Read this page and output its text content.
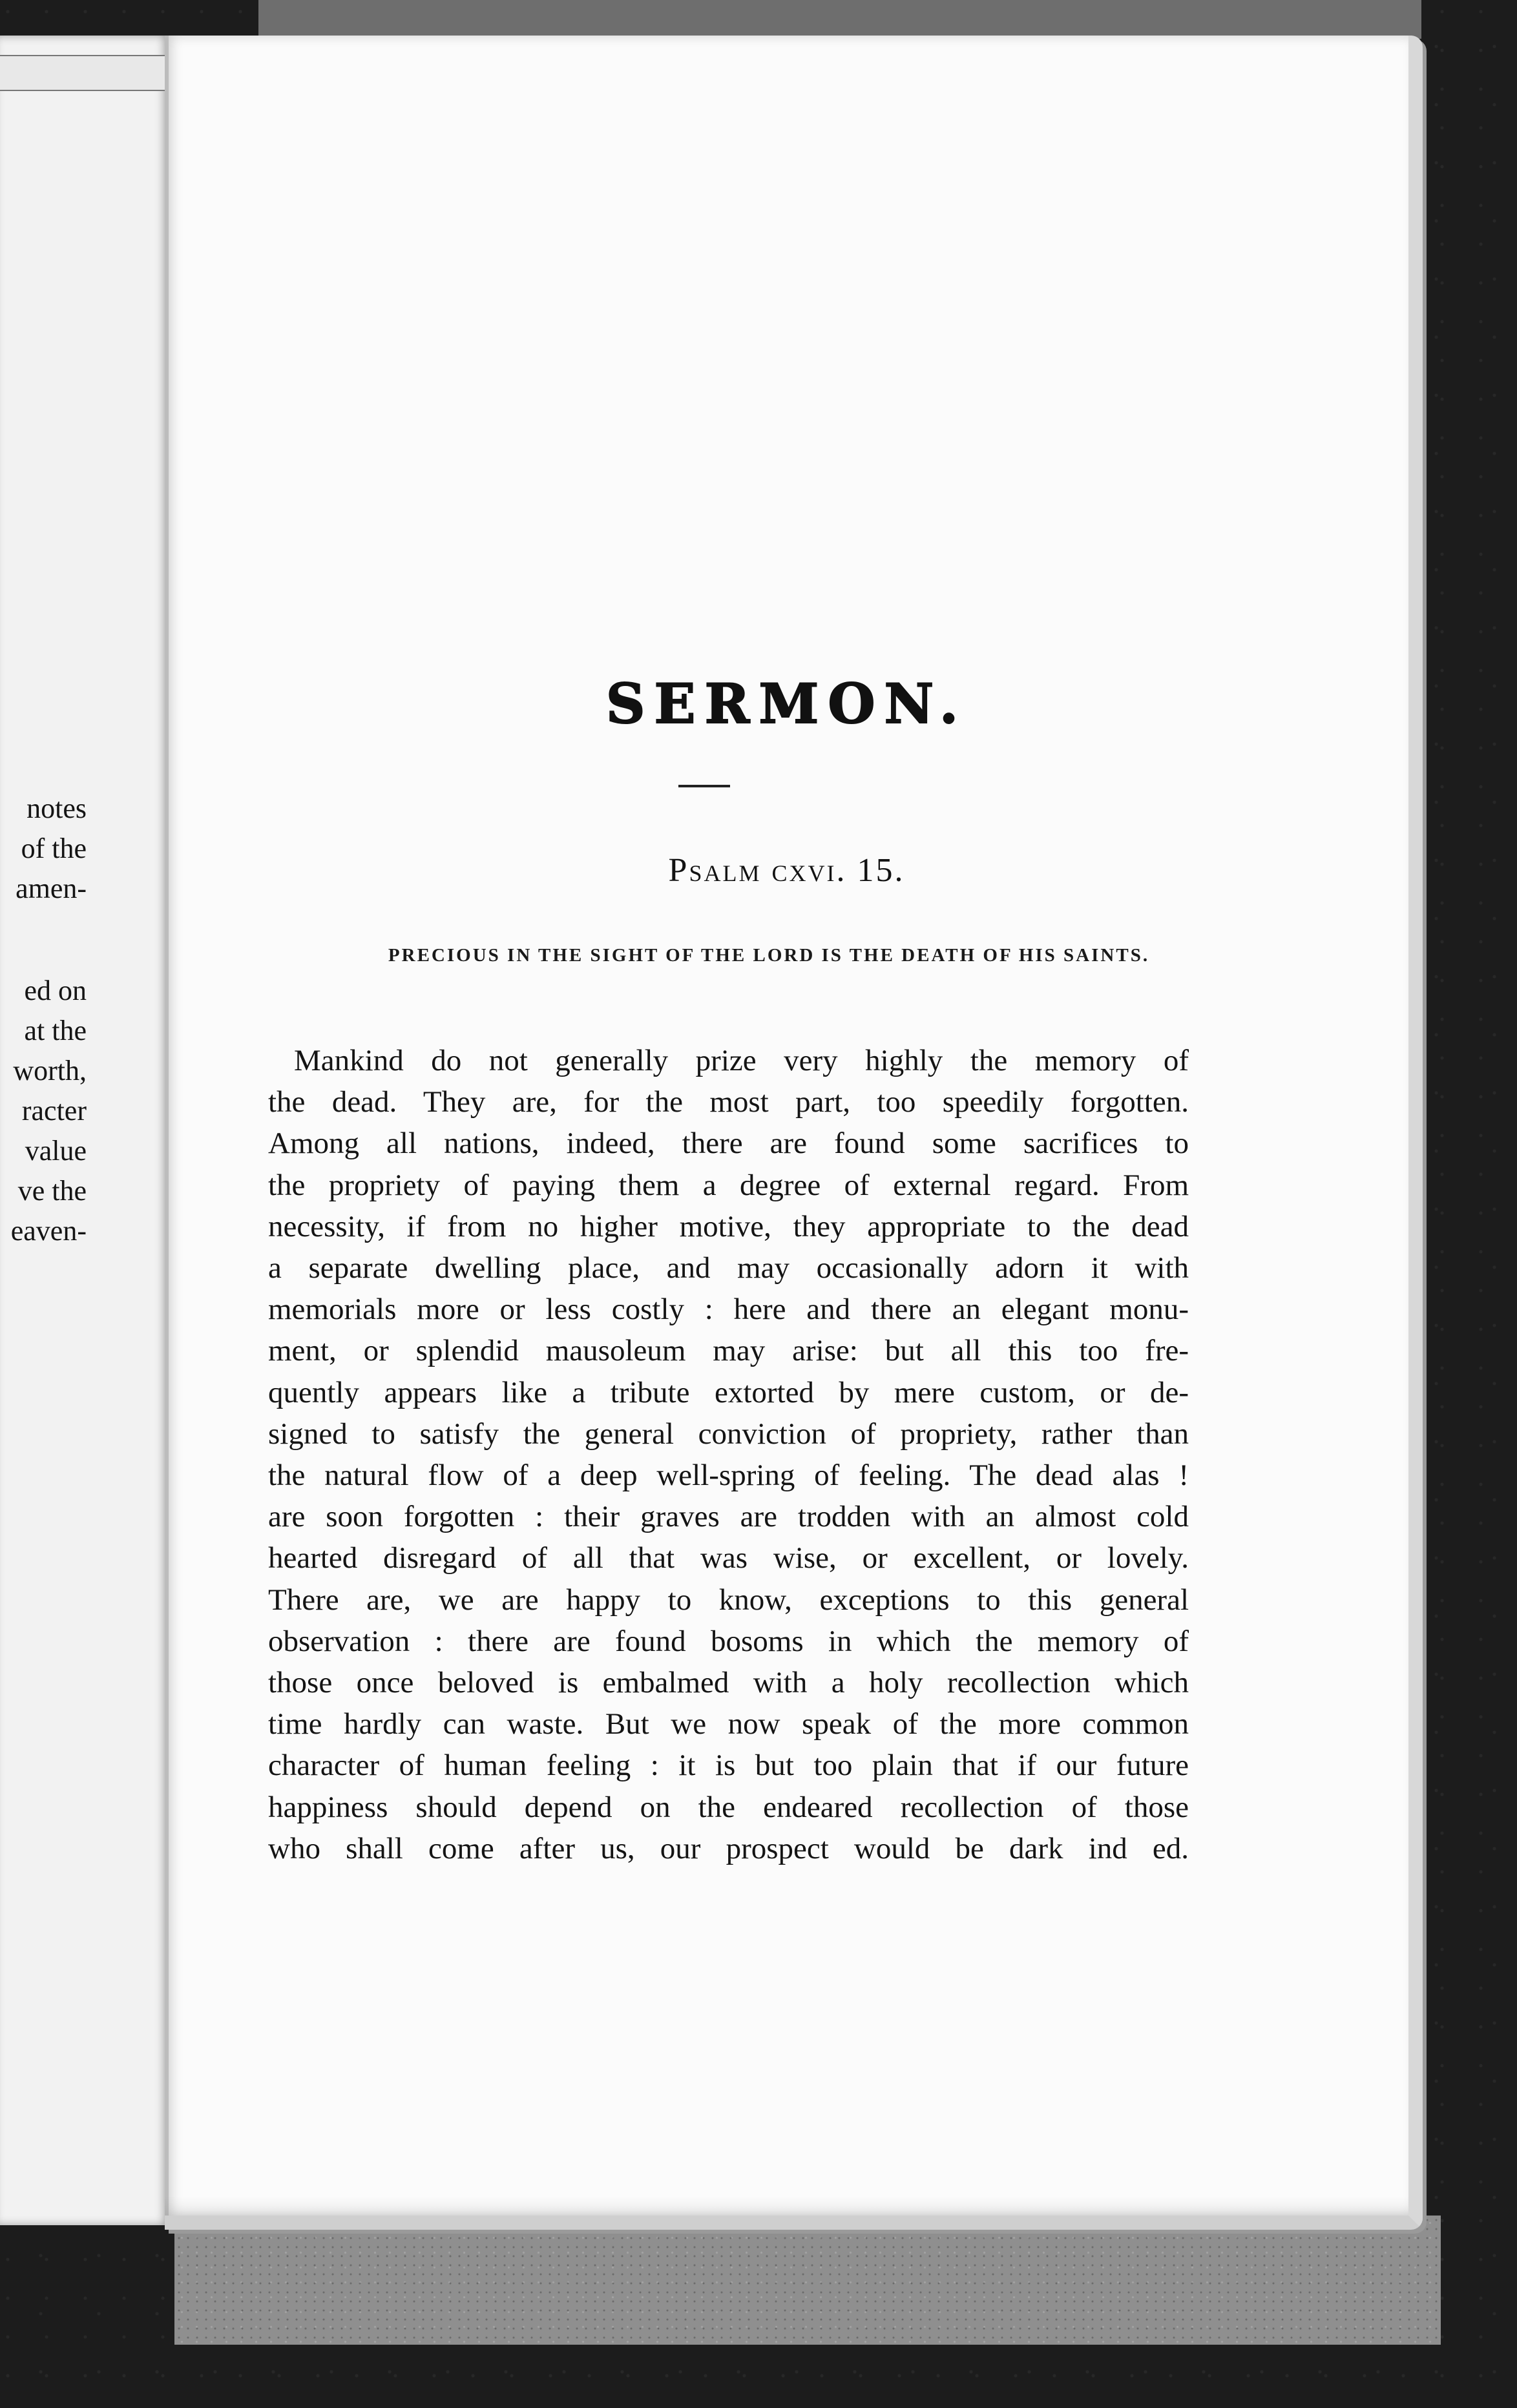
notes
of the
amen-
ed on
at the
worth,
racter
value
ve the
eaven-
SERMON.
Psalm cxvi. 15.

PRECIOUS IN THE SIGHT OF THE LORD IS THE DEATH OF HIS SAINTS.

Mankind do not generally prize very highly the memory of
the dead. They are, for the most part, too speedily forgotten.
Among all nations, indeed, there are found some sacrifices to
the propriety of paying them a degree of external regard. From
necessity, if from no higher motive, they appropriate to the dead
a separate dwelling place, and may occasionally adorn it with
memorials more or less costly : here and there an elegant monu-
ment, or splendid mausoleum may arise: but all this too fre-
quently appears like a tribute extorted by mere custom, or de-
signed to satisfy the general conviction of propriety, rather than
the natural flow of a deep well-spring of feeling. The dead alas !
are soon forgotten : their graves are trodden with an almost cold
hearted disregard of all that was wise, or excellent, or lovely.
There are, we are happy to know, exceptions to this general
observation : there are found bosoms in which the memory of
those once beloved is embalmed with a holy recollection which
time hardly can waste. But we now speak of the more common
character of human feeling : it is but too plain that if our future
happiness should depend on the endeared recollection of those
who shall come after us, our prospect would be dark ind ed.
